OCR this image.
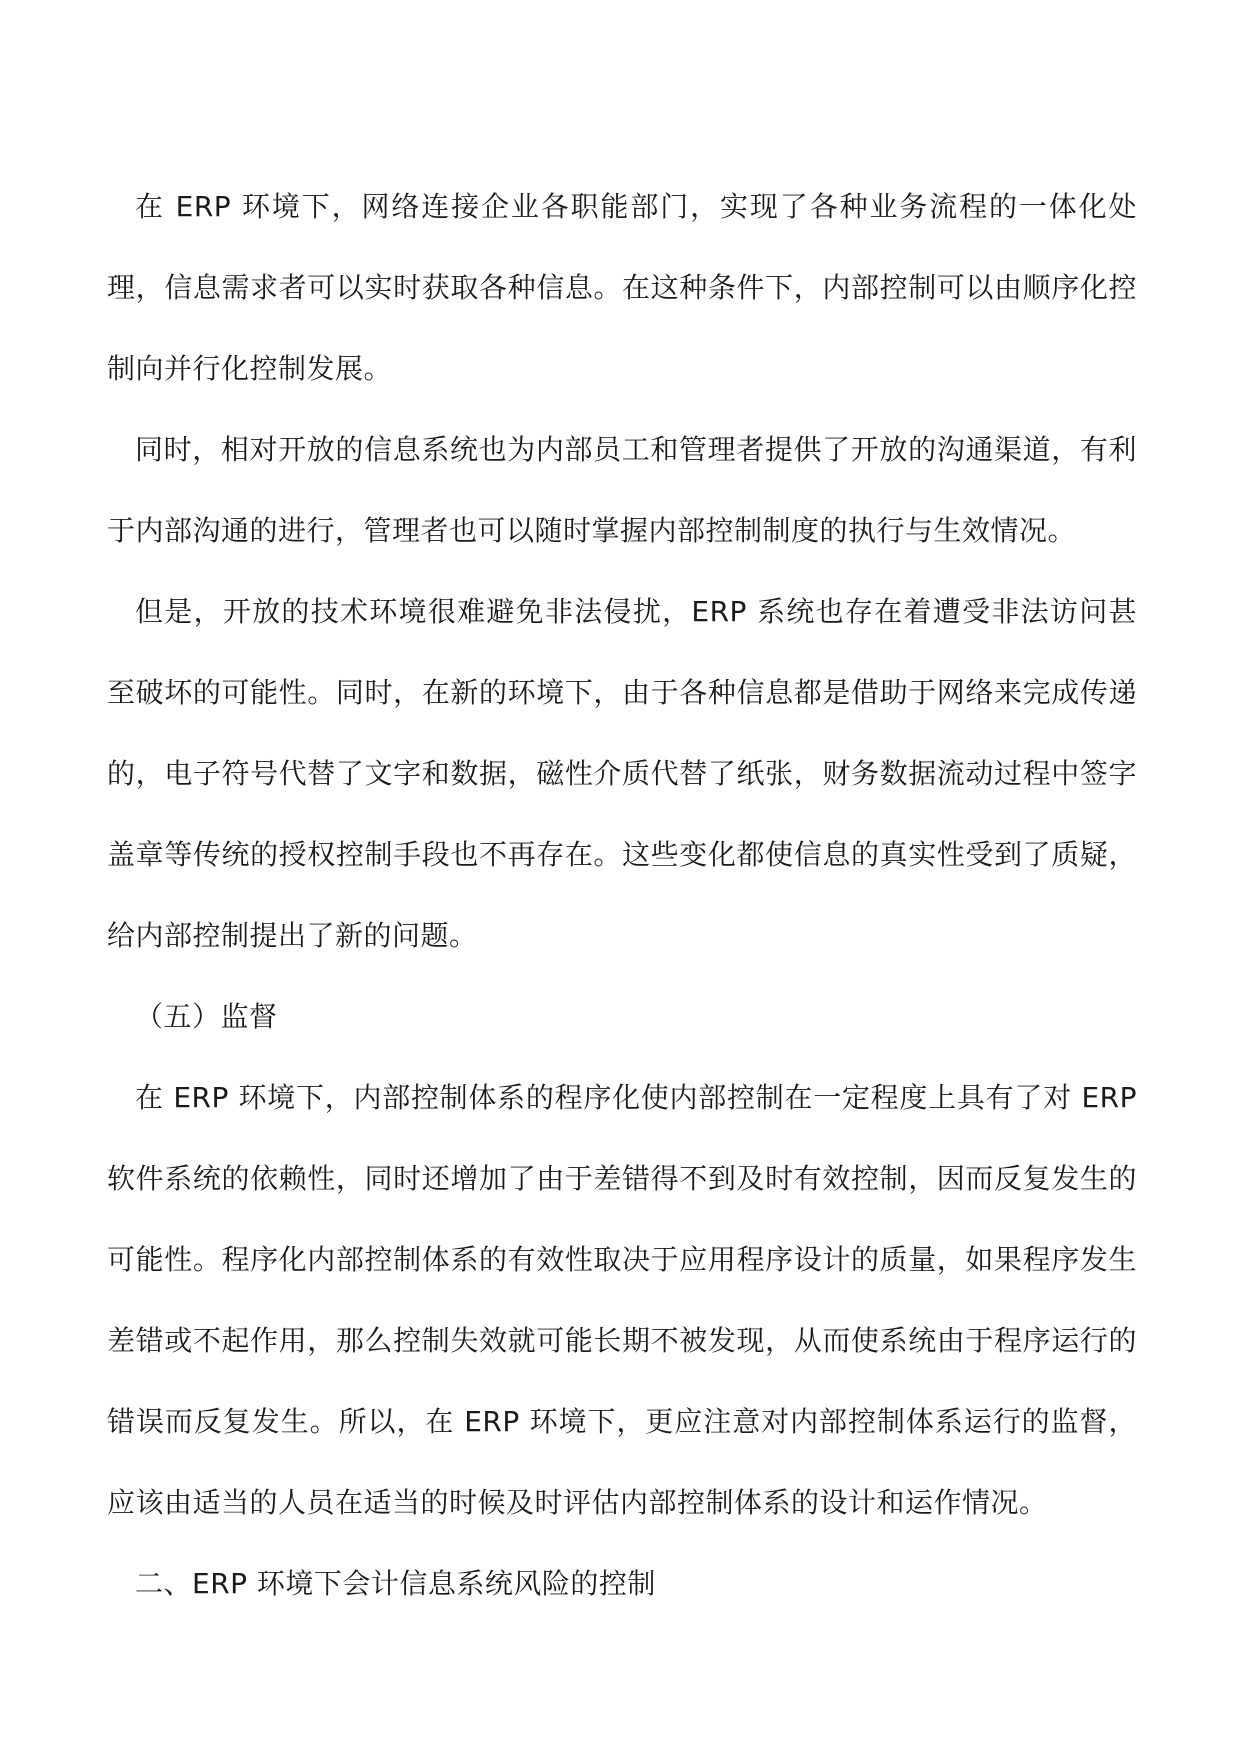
在 ERP 环境下，网络连接企业各职能部门，实现了各种业务流程的一体化处理，信息需求者可以实时获取各种信息。在这种条件下，内部控制可以由顺序化控制向并行化控制发展。

同时，相对开放的信息系统也为内部员工和管理者提供了开放的沟通渠道，有利于内部沟通的进行，管理者也可以随时掌握内部控制制度的执行与生效情况。

但是，开放的技术环境很难避免非法侵扰，ERP 系统也存在着遭受非法访问甚至破坏的可能性。同时，在新的环境下，由于各种信息都是借助于网络来完成传递的，电子符号代替了文字和数据，磁性介质代替了纸张，财务数据流动过程中签字盖章等传统的授权控制手段也不再存在。这些变化都使信息的真实性受到了质疑，给内部控制提出了新的问题。

（五）监督

在 ERP 环境下，内部控制体系的程序化使内部控制在一定程度上具有了对 ERP 软件系统的依赖性，同时还增加了由于差错得不到及时有效控制，因而反复发生的可能性。程序化内部控制体系的有效性取决于应用程序设计的质量，如果程序发生差错或不起作用，那么控制失效就可能长期不被发现，从而使系统由于程序运行的错误而反复发生。所以，在 ERP 环境下，更应注意对内部控制体系运行的监督，应该由适当的人员在适当的时候及时评估内部控制体系的设计和运作情况。

二、ERP 环境下会计信息系统风险的控制
